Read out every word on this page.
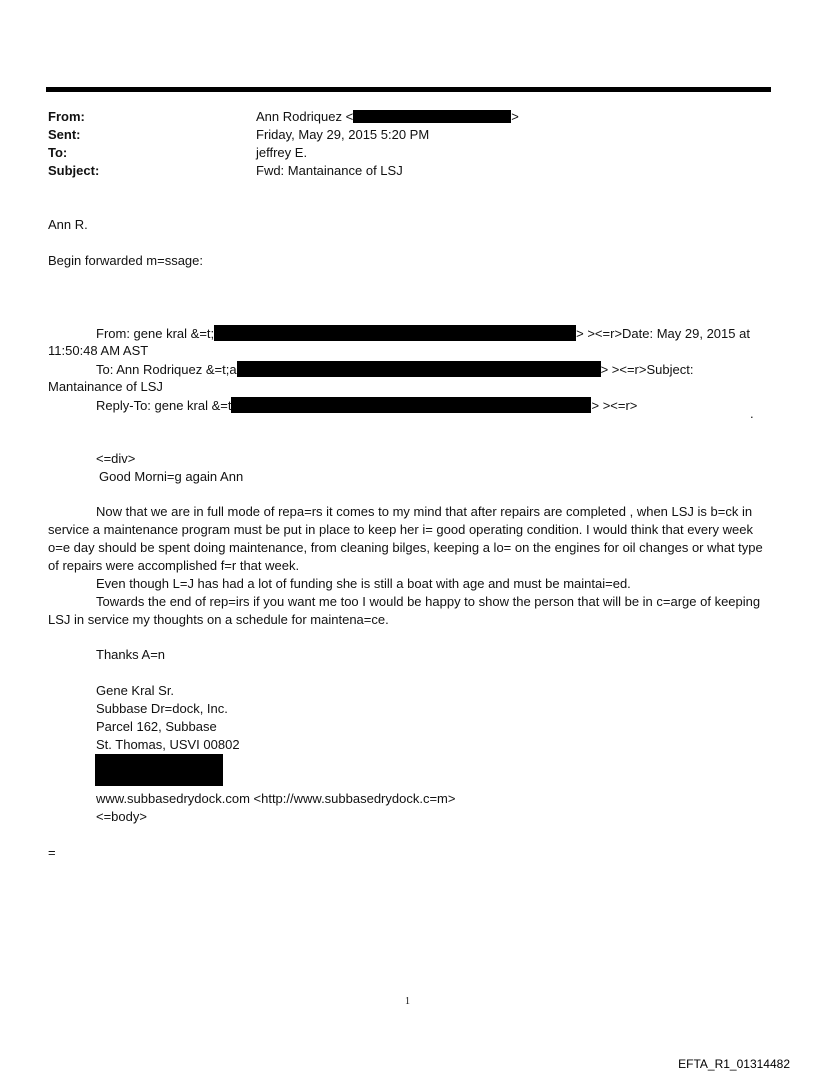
From:	Ann Rodriquez <	>
Sent:	Friday, May 29, 2015 5:20 PM
To:	jeffrey E.
Subject:	Fwd: Mantainance of LSJ
Ann R.
Begin forwarded m=ssage:
From: gene kral &=t;	> ><=r>Date: May 29, 2015 at
11:50:48 AM AST
To: Ann Rodriquez &=t;a	> ><=r>Subject:
Mantainance of LSJ
Reply-To: gene kral &=t	> ><=r>
.
<=div>
Good Morni=g again Ann
Now that we are in full mode of repa=rs it comes to my mind that after repairs are completed , when LSJ is b=ck in service a maintenance program must be put in place to keep her i= good operating condition. I would think that every week o=e day should be spent doing maintenance, from cleaning bilges, keeping a lo= on the engines for oil changes or what type of repairs were accomplished f=r that week.
Even though L=J has had a lot of funding she is still a boat with age and must be maintai=ed.
Towards the end of rep=irs if you want me too I would be happy to show the person that will be in c=arge of keeping LSJ in service my thoughts on a schedule for maintena=ce.
Thanks A=n
Gene Kral Sr.
Subbase Dr=dock, Inc.
Parcel 162, Subbase
St. Thomas, USVI 00802
www.subbasedrydock.com <http://www.subbasedrydock.c=m>
<=body>
=
1
EFTA_R1_01314482
